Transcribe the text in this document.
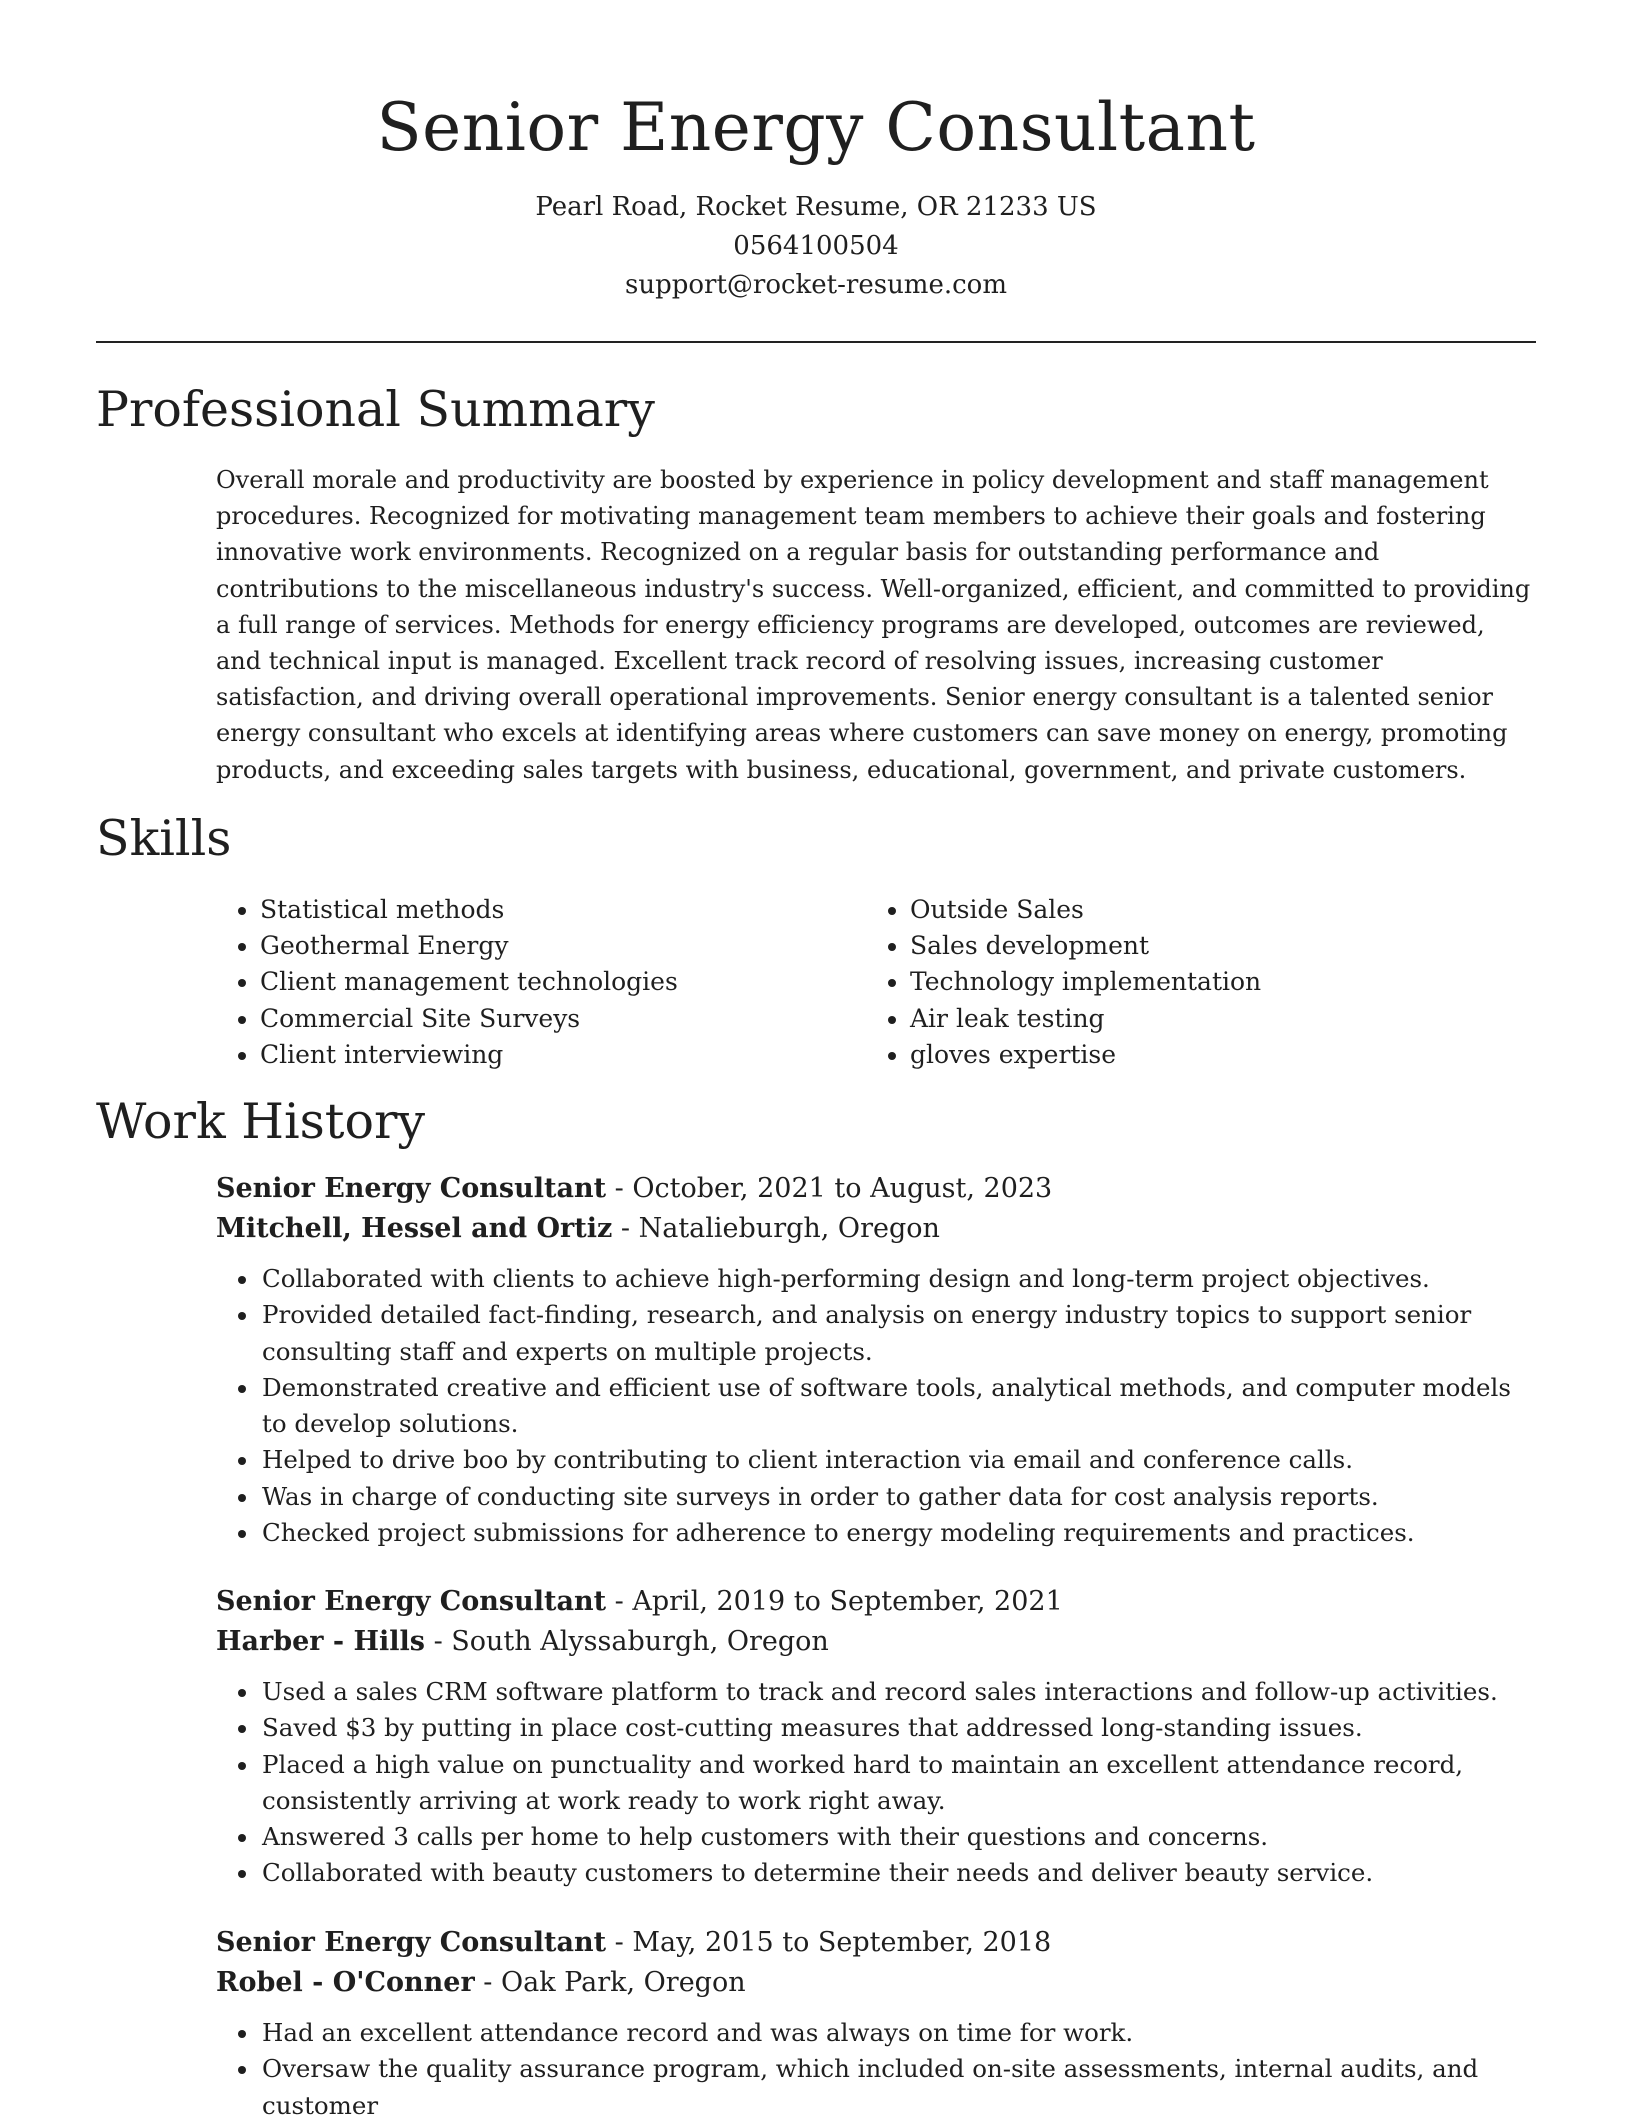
Senior Energy Consultant
Pearl Road, Rocket Resume, OR 21233 US
0564100504
support@rocket-resume.com
Professional Summary

Overall morale and productivity are boosted by experience in policy development and staff management procedures. Recognized for motivating management team members to achieve their goals and fostering innovative work environments. Recognized on a regular basis for outstanding performance and contributions to the miscellaneous industry's success. Well-organized, efficient, and committed to providing a full range of services. Methods for energy efficiency programs are developed, outcomes are reviewed, and technical input is managed. Excellent track record of resolving issues, increasing customer satisfaction, and driving overall operational improvements. Senior energy consultant is a talented senior energy consultant who excels at identifying areas where customers can save money on energy, promoting products, and exceeding sales targets with business, educational, government, and private customers.

Skills
• Statistical methods
• Geothermal Energy
• Client management technologies
• Commercial Site Surveys
• Client interviewing
• Outside Sales
• Sales development
• Technology implementation
• Air leak testing
• gloves expertise
Work History
Senior Energy Consultant - October, 2021 to August, 2023
Mitchell, Hessel and Ortiz - Natalieburgh, Oregon
• Collaborated with clients to achieve high-performing design and long-term project objectives.
• Provided detailed fact-finding, research, and analysis on energy industry topics to support senior consulting staff and experts on multiple projects.
• Demonstrated creative and efficient use of software tools, analytical methods, and computer models to develop solutions.
• Helped to drive boo by contributing to client interaction via email and conference calls.
• Was in charge of conducting site surveys in order to gather data for cost analysis reports.
• Checked project submissions for adherence to energy modeling requirements and practices.
Senior Energy Consultant - April, 2019 to September, 2021
Harber - Hills - South Alyssaburgh, Oregon
• Used a sales CRM software platform to track and record sales interactions and follow-up activities.
• Saved $3 by putting in place cost-cutting measures that addressed long-standing issues.
• Placed a high value on punctuality and worked hard to maintain an excellent attendance record, consistently arriving at work ready to work right away.
• Answered 3 calls per home to help customers with their questions and concerns.
• Collaborated with beauty customers to determine their needs and deliver beauty service.
Senior Energy Consultant - May, 2015 to September, 2018
Robel - O'Conner - Oak Park, Oregon
• Had an excellent attendance record and was always on time for work.
• Oversaw the quality assurance program, which included on-site assessments, internal audits, and customer
